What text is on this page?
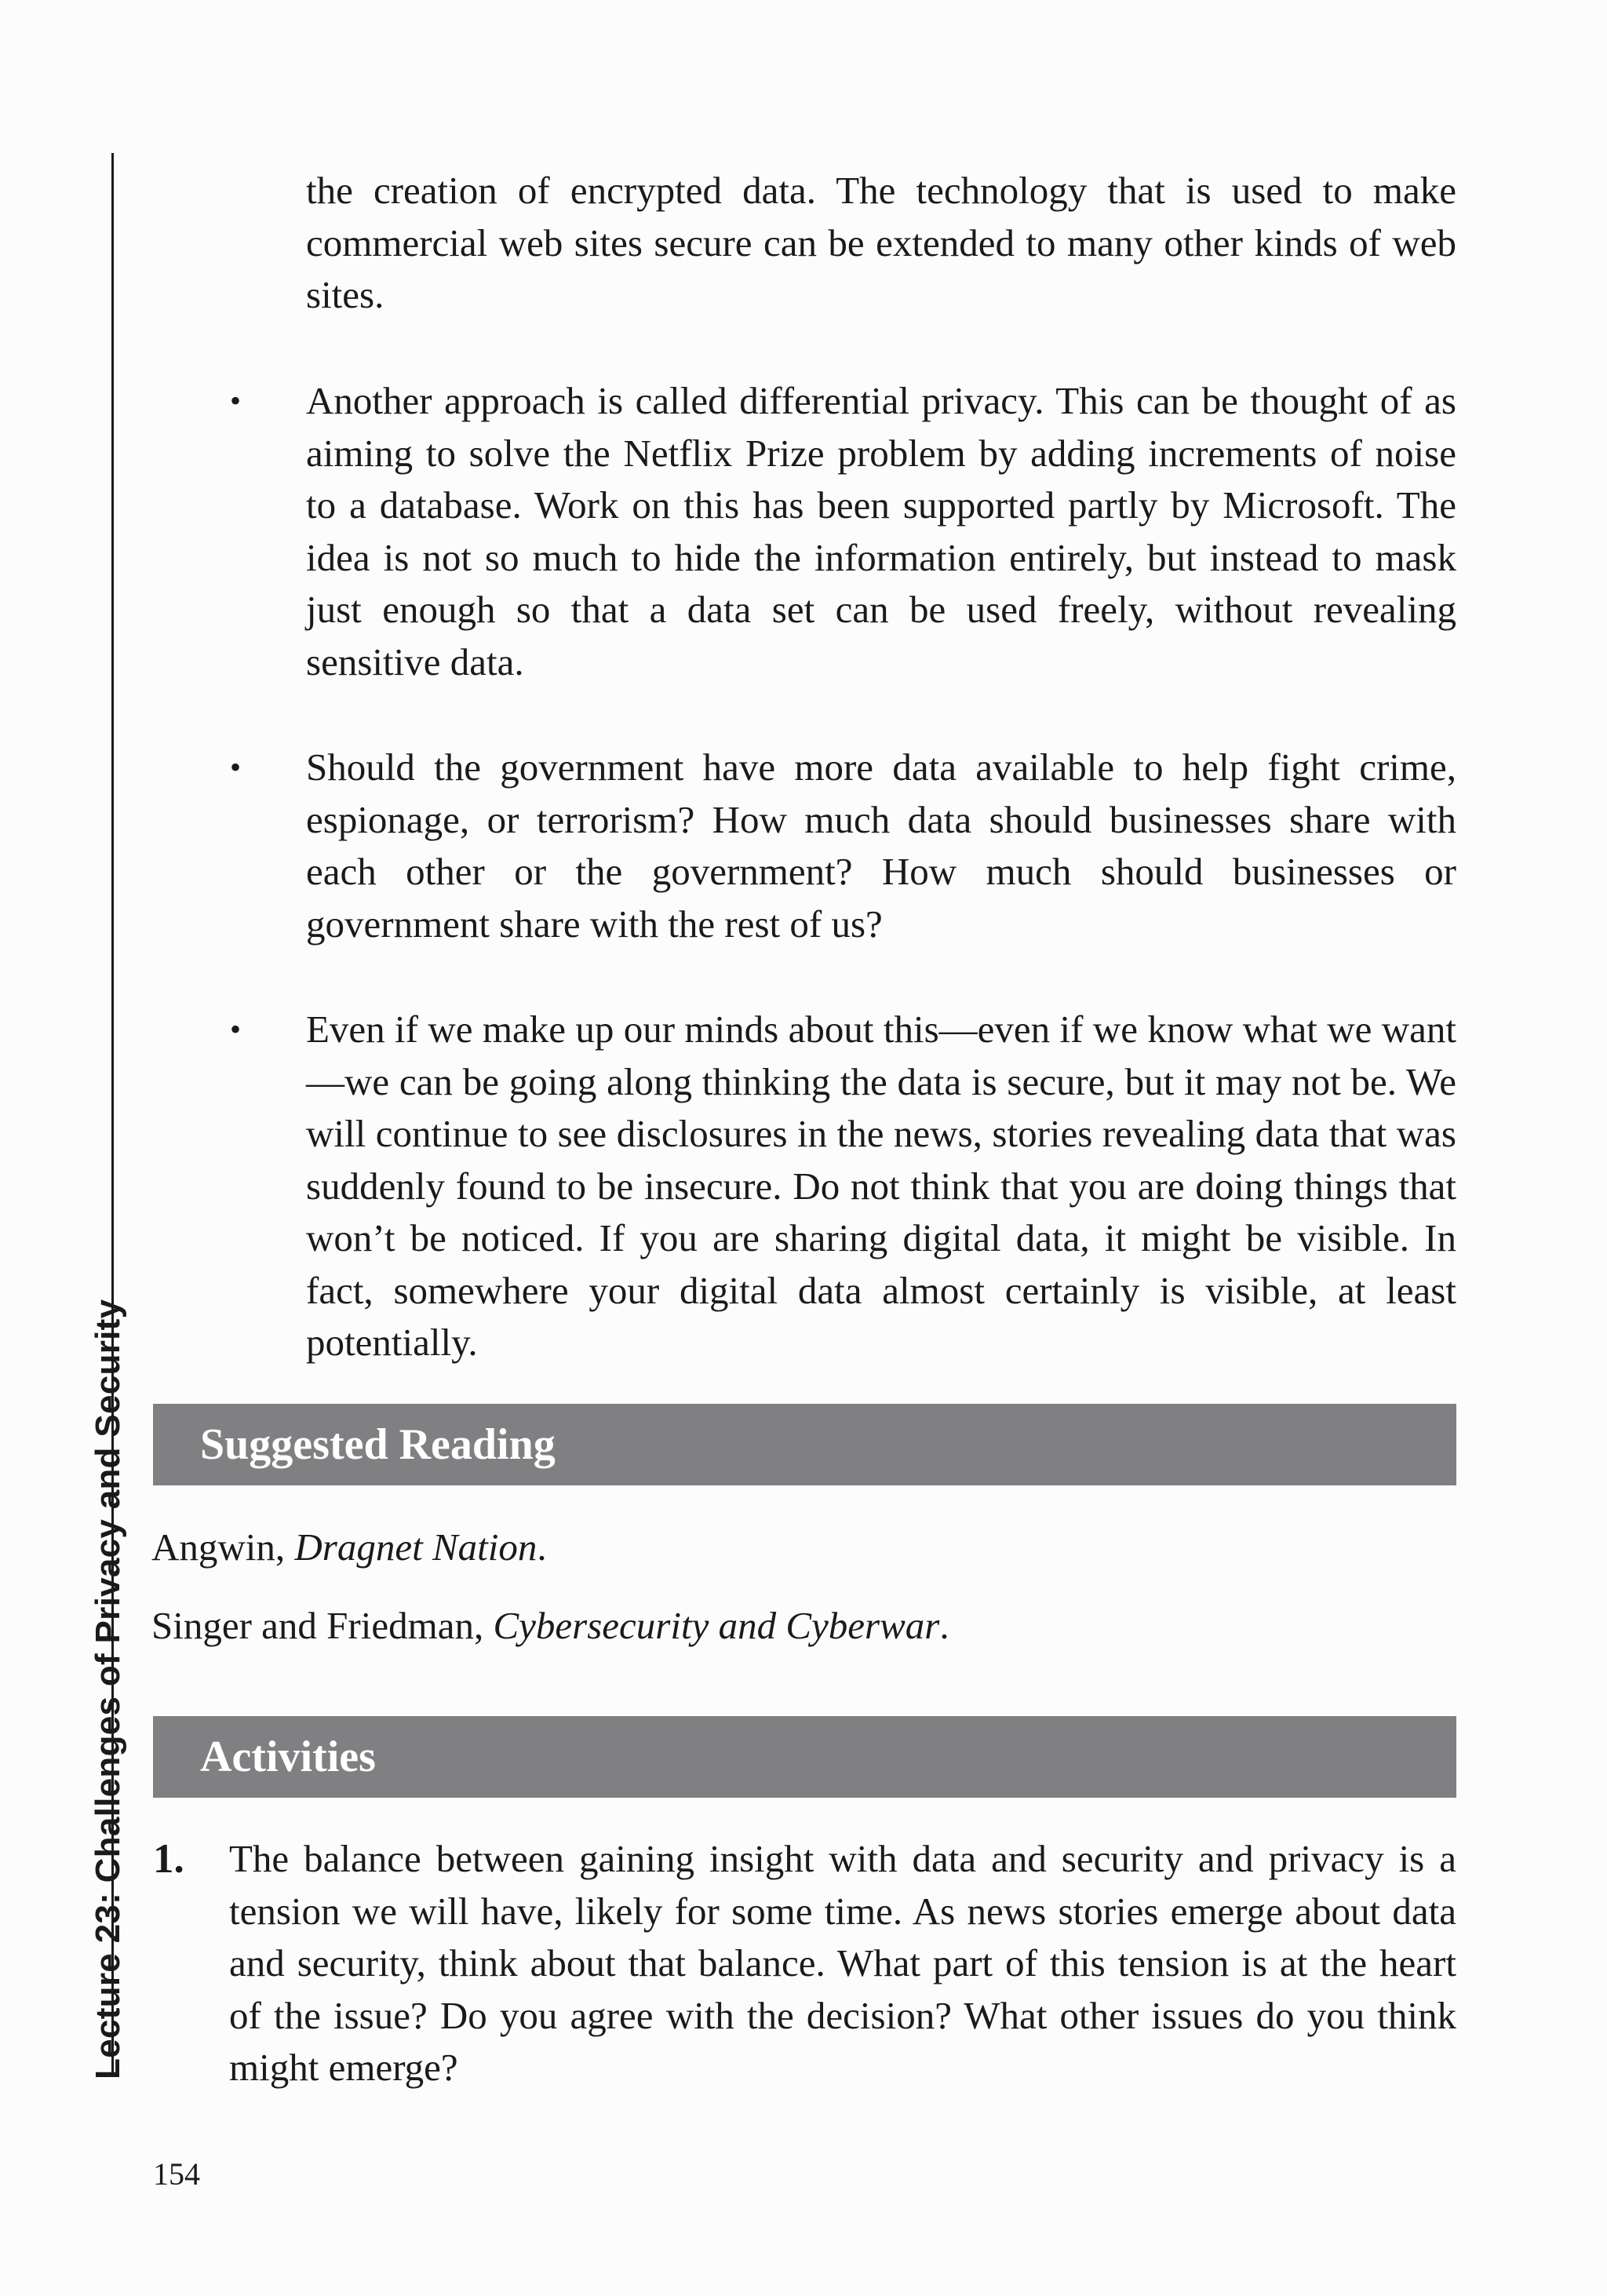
Lecture 23: Challenges of Privacy and Security

the creation of encrypted data. The technology that is used to make commercial web sites secure can be extended to many other kinds of web sites.

• Another approach is called differential privacy. This can be thought of as aiming to solve the Netflix Prize problem by adding increments of noise to a database. Work on this has been supported partly by Microsoft. The idea is not so much to hide the information entirely, but instead to mask just enough so that a data set can be used freely, without revealing sensitive data.

• Should the government have more data available to help fight crime, espionage, or terrorism? How much data should businesses share with each other or the government? How much should businesses or government share with the rest of us?

• Even if we make up our minds about this—even if we know what we want—we can be going along thinking the data is secure, but it may not be. We will continue to see disclosures in the news, stories revealing data that was suddenly found to be insecure. Do not think that you are doing things that won’t be noticed. If you are sharing digital data, it might be visible. In fact, somewhere your digital data almost certainly is visible, at least potentially.

Suggested Reading
Angwin, Dragnet Nation.
Singer and Friedman, Cybersecurity and Cyberwar.
Activities
1. The balance between gaining insight with data and security and privacy is a tension we will have, likely for some time. As news stories emerge about data and security, think about that balance. What part of this tension is at the heart of the issue? Do you agree with the decision? What other issues do you think might emerge?

154
